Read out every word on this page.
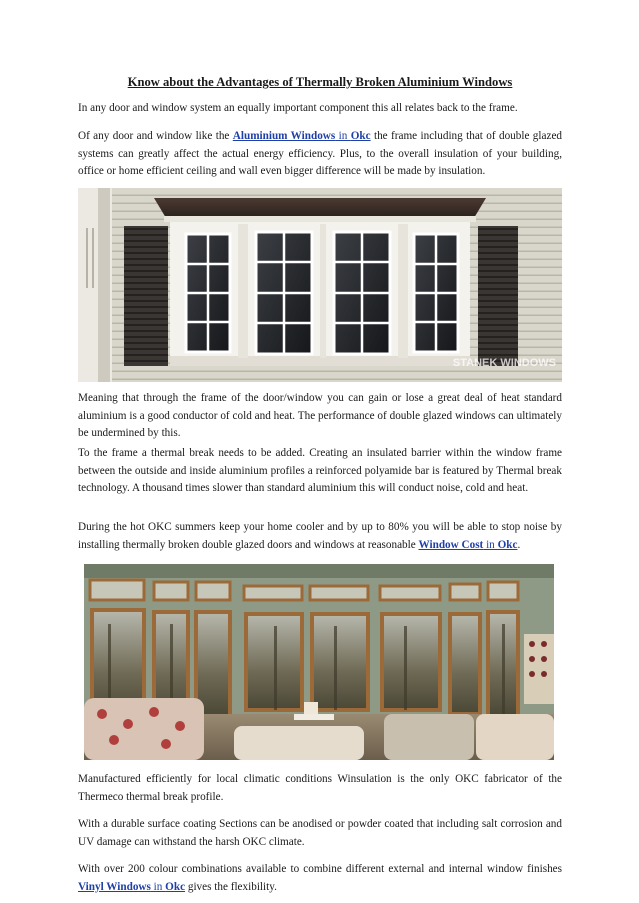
Know about the Advantages of Thermally Broken Aluminium Windows

In any door and window system an equally important component this all relates back to the frame.

Of any door and window like the Aluminium Windows in Okc the frame including that of double glazed systems can greatly affect the actual energy efficiency. Plus, to the overall insulation of your building, office or home efficient ceiling and wall even bigger difference will be made by insulation.

STANEK WINDOWS

Meaning that through the frame of the door/window you can gain or lose a great deal of heat standard aluminium is a good conductor of cold and heat. The performance of double glazed windows can ultimately be undermined by this.

To the frame a thermal break needs to be added. Creating an insulated barrier within the window frame between the outside and inside aluminium profiles a reinforced polyamide bar is featured by Thermal break technology. A thousand times slower than standard aluminium this will conduct noise, cold and heat.

During the hot OKC summers keep your home cooler and by up to 80% you will be able to stop noise by installing thermally broken double glazed doors and windows at reasonable Window Cost in Okc.

Manufactured efficiently for local climatic conditions Winsulation is the only OKC fabricator of the Thermeco thermal break profile.

With a durable surface coating Sections can be anodised or powder coated that including salt corrosion and UV damage can withstand the harsh OKC climate.

With over 200 colour combinations available to combine different external and internal window finishes Vinyl Windows in Okc gives the flexibility.
